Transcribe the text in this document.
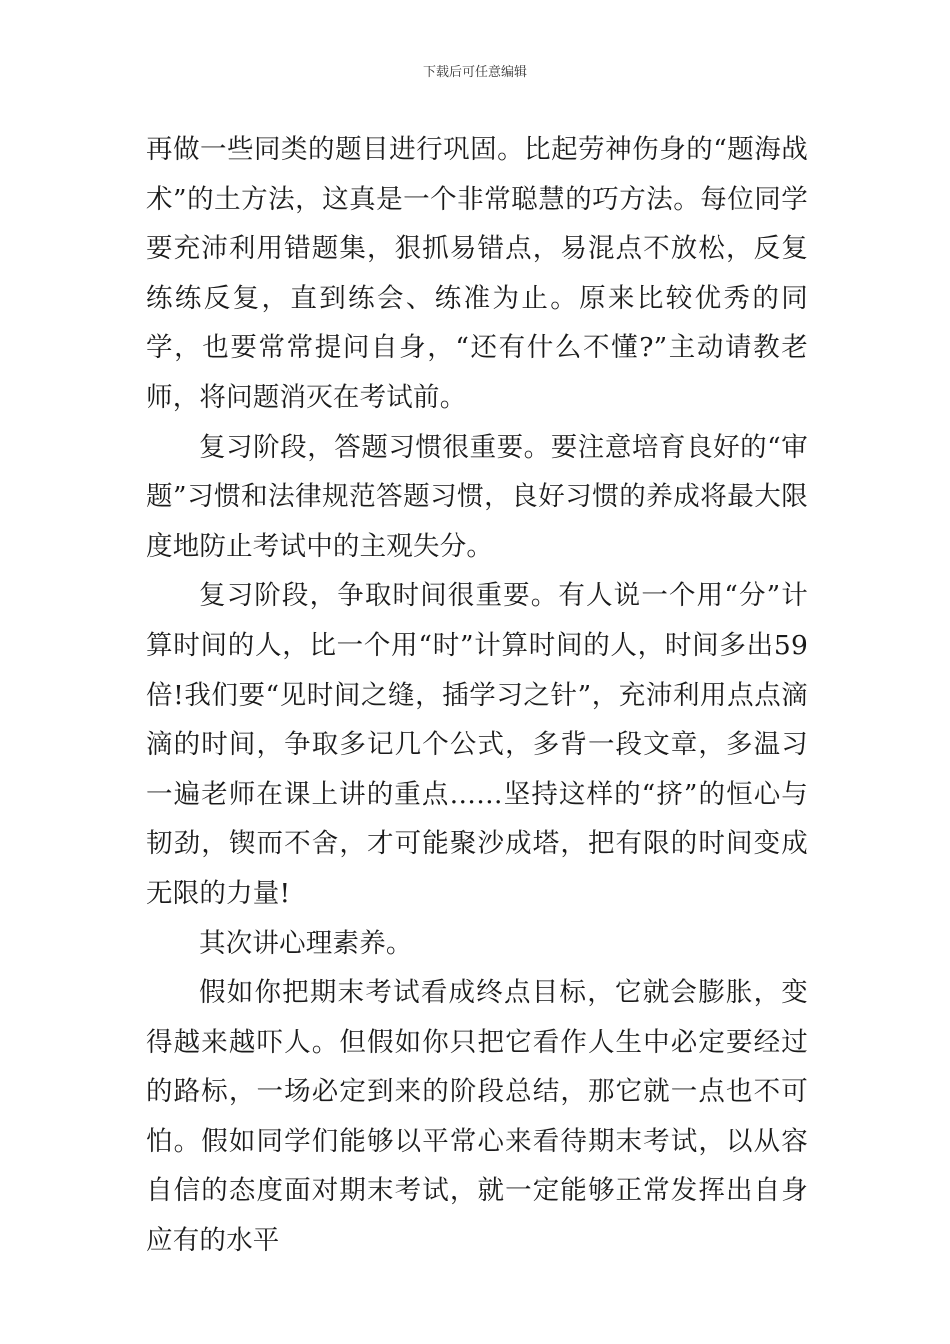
下载后可任意编辑

再做一些同类的题目进行巩固。比起劳神伤身的“题海战术”的土方法，这真是一个非常聪慧的巧方法。每位同学要充沛利用错题集，狠抓易错点，易混点不放松，反复练练反复，直到练会、练准为止。原来比较优秀的同学，也要常常提问自身，“还有什么不懂?”主动请教老师，将问题消灭在考试前。

复习阶段，答题习惯很重要。要注意培育良好的“审题”习惯和法律规范答题习惯，良好习惯的养成将最大限度地防止考试中的主观失分。

复习阶段，争取时间很重要。有人说一个用“分”计算时间的人，比一个用“时”计算时间的人，时间多出59倍!我们要“见时间之缝，插学习之针”，充沛利用点点滴滴的时间，争取多记几个公式，多背一段文章，多温习一遍老师在课上讲的重点……坚持这样的“挤”的恒心与韧劲，锲而不舍，才可能聚沙成塔，把有限的时间变成无限的力量!

其次讲心理素养。

假如你把期末考试看成终点目标，它就会膨胀，变得越来越吓人。但假如你只把它看作人生中必定要经过的路标，一场必定到来的阶段总结，那它就一点也不可怕。假如同学们能够以平常心来看待期末考试，以从容自信的态度面对期末考试，就一定能够正常发挥出自身应有的水平
